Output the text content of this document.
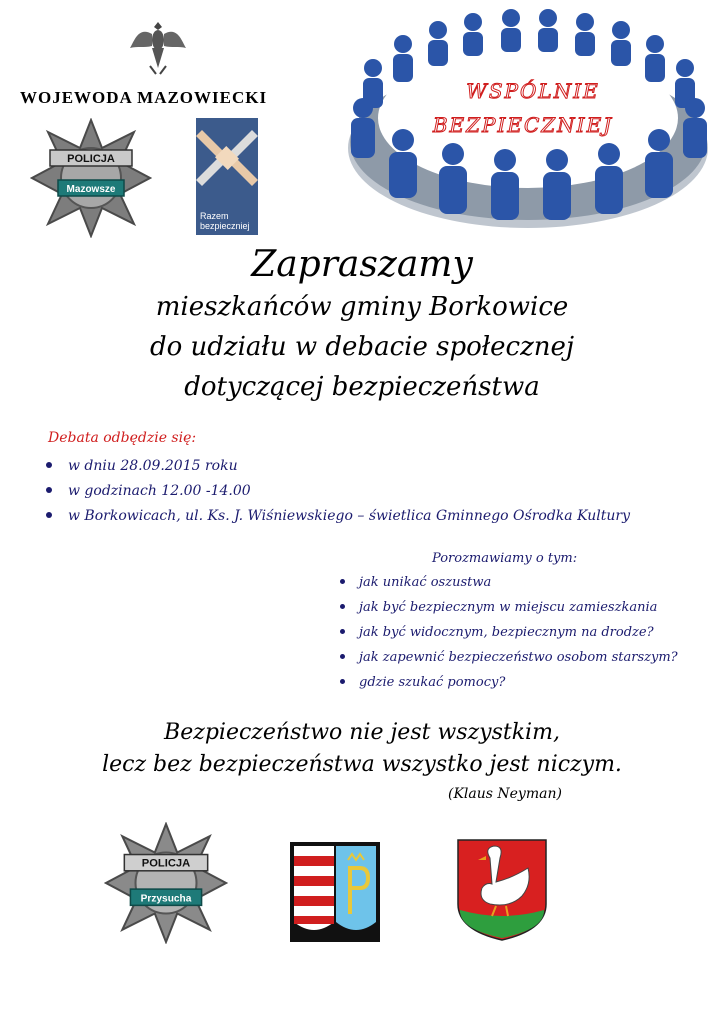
WOJEWODA MAZOWIECKI
POLICJA
Mazowsze
Razem bezpieczniej
WSPÓLNIE
BEZPIECZNIEJ
Zapraszamy
mieszkańców gminy Borkowice
do udziału w debacie społecznej
dotyczącej bezpieczeństwa
Debata odbędzie się:
w dniu 28.09.2015 roku
w godzinach 12.00 -14.00
w Borkowicach, ul. Ks. J. Wiśniewskiego – świetlica Gminnego Ośrodka Kultury
Porozmawiamy o tym:
jak unikać oszustwa
jak być bezpiecznym w miejscu zamieszkania
jak być widocznym, bezpiecznym na drodze?
jak zapewnić bezpieczeństwo osobom starszym?
gdzie szukać pomocy?
Bezpieczeństwo nie jest wszystkim,
lecz bez bezpieczeństwa wszystko jest niczym.
(Klaus Neyman)
POLICJA
Przysucha
